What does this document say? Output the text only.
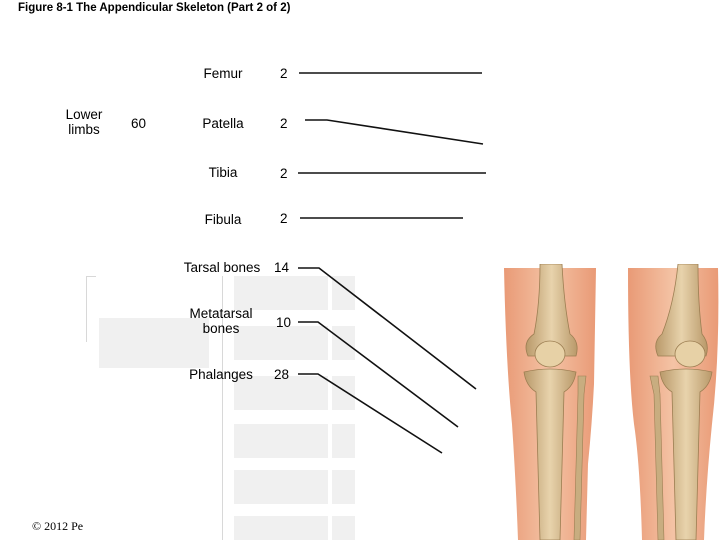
Figure 8-1 The Appendicular Skeleton (Part 2 of 2)
Lower limbs	60
Femur	2
Patella	2
Tibia	2
Fibula	2
Tarsal bones	14
Metatarsal bones	10
Phalanges	28
© 2012 Pe
